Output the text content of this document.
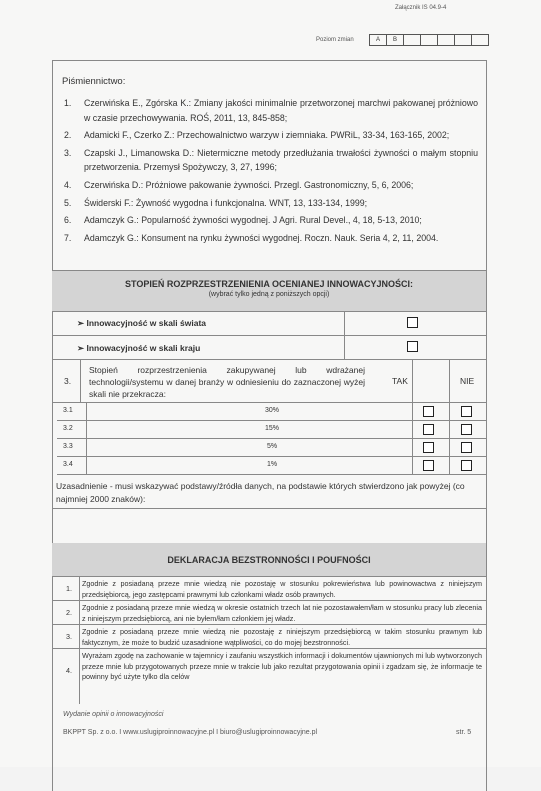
Załącznik IS 04.9-4
Poziom zmian	A	B
Piśmiennictwo:
1. Czerwińska E., Zgórska K.: Zmiany jakości minimalnie przetworzonej marchwi pakowanej próżniowo w czasie przechowywania. ROŚ, 2011, 13, 845-858;
2. Adamicki F., Czerko Z.: Przechowalnictwo warzyw i ziemniaka. PWRiL, 33-34, 163-165, 2002;
3. Czapski J., Limanowska D.: Nietermiczne metody przedłużania trwałości żywności o małym stopniu przetworzenia. Przemysł Spożywczy, 3, 27, 1996;
4. Czerwińska D.: Próżniowe pakowanie żywności. Przegl. Gastronomiczny, 5, 6, 2006;
5. Świderski F.: Żywność wygodna i funkcjonalna. WNT, 13, 133-134, 1999;
6. Adamczyk G.: Popularność żywności wygodnej. J Agri. Rural Devel., 4, 18, 5-13, 2010;
7. Adamczyk G.: Konsument na rynku żywności wygodnej. Roczn. Nauk. Seria 4, 2, 11, 2004.
STOPIEŃ ROZPRZESTRZENIENIA OCENIANEJ INNOWACYJNOŚCI:
(wybrać tylko jedną z poniższych opcji)
➢ Innowacyjność w skali świata
➢ Innowacyjność w skali kraju
3.
Stopień rozprzestrzenienia zakupywanej lub wdrażanej technologii/systemu w danej branży w odniesieniu do zaznaczonej wyżej skali nie przekracza:
TAK	NIE
3.1	30%
3.2	15%
3.3	5%
3.4	1%
Uzasadnienie - musi wskazywać podstawy/źródła danych, na podstawie których stwierdzono jak powyżej (co najmniej 2000 znaków):
DEKLARACJA BEZSTRONNOŚCI I POUFNOŚCI
1.
Zgodnie z posiadaną przeze mnie wiedzą nie pozostaję w stosunku pokrewieństwa lub powinowactwa z niniejszym przedsiębiorcą, jego zastępcami prawnymi lub członkami władz osób prawnych.
2.
Zgodnie z posiadaną przeze mnie wiedzą w okresie ostatnich trzech lat nie pozostawałem/łam w stosunku pracy lub zlecenia z niniejszym przedsiębiorcą, ani nie byłem/łam członkiem jej władz.
3.
Zgodnie z posiadaną przeze mnie wiedzą nie pozostaję z niniejszym przedsiębiorcą w takim stosunku prawnym lub faktycznym, że może to budzić uzasadnione wątpliwości, co do mojej bezstronności.
4.
Wyrażam zgodę na zachowanie w tajemnicy i zaufaniu wszystkich informacji i dokumentów ujawnionych mi lub wytworzonych przeze mnie lub przygotowanych przeze mnie w trakcie lub jako rezultat przygotowania opinii i zgadzam się, że informacje te powinny być użyte tylko dla celów
Wydanie opinii o innowacyjności
BKPPT Sp. z o.o. I www.uslugiproinnowacyjne.pl I biuro@uslugiproinnowacyjne.pl	str. 5
